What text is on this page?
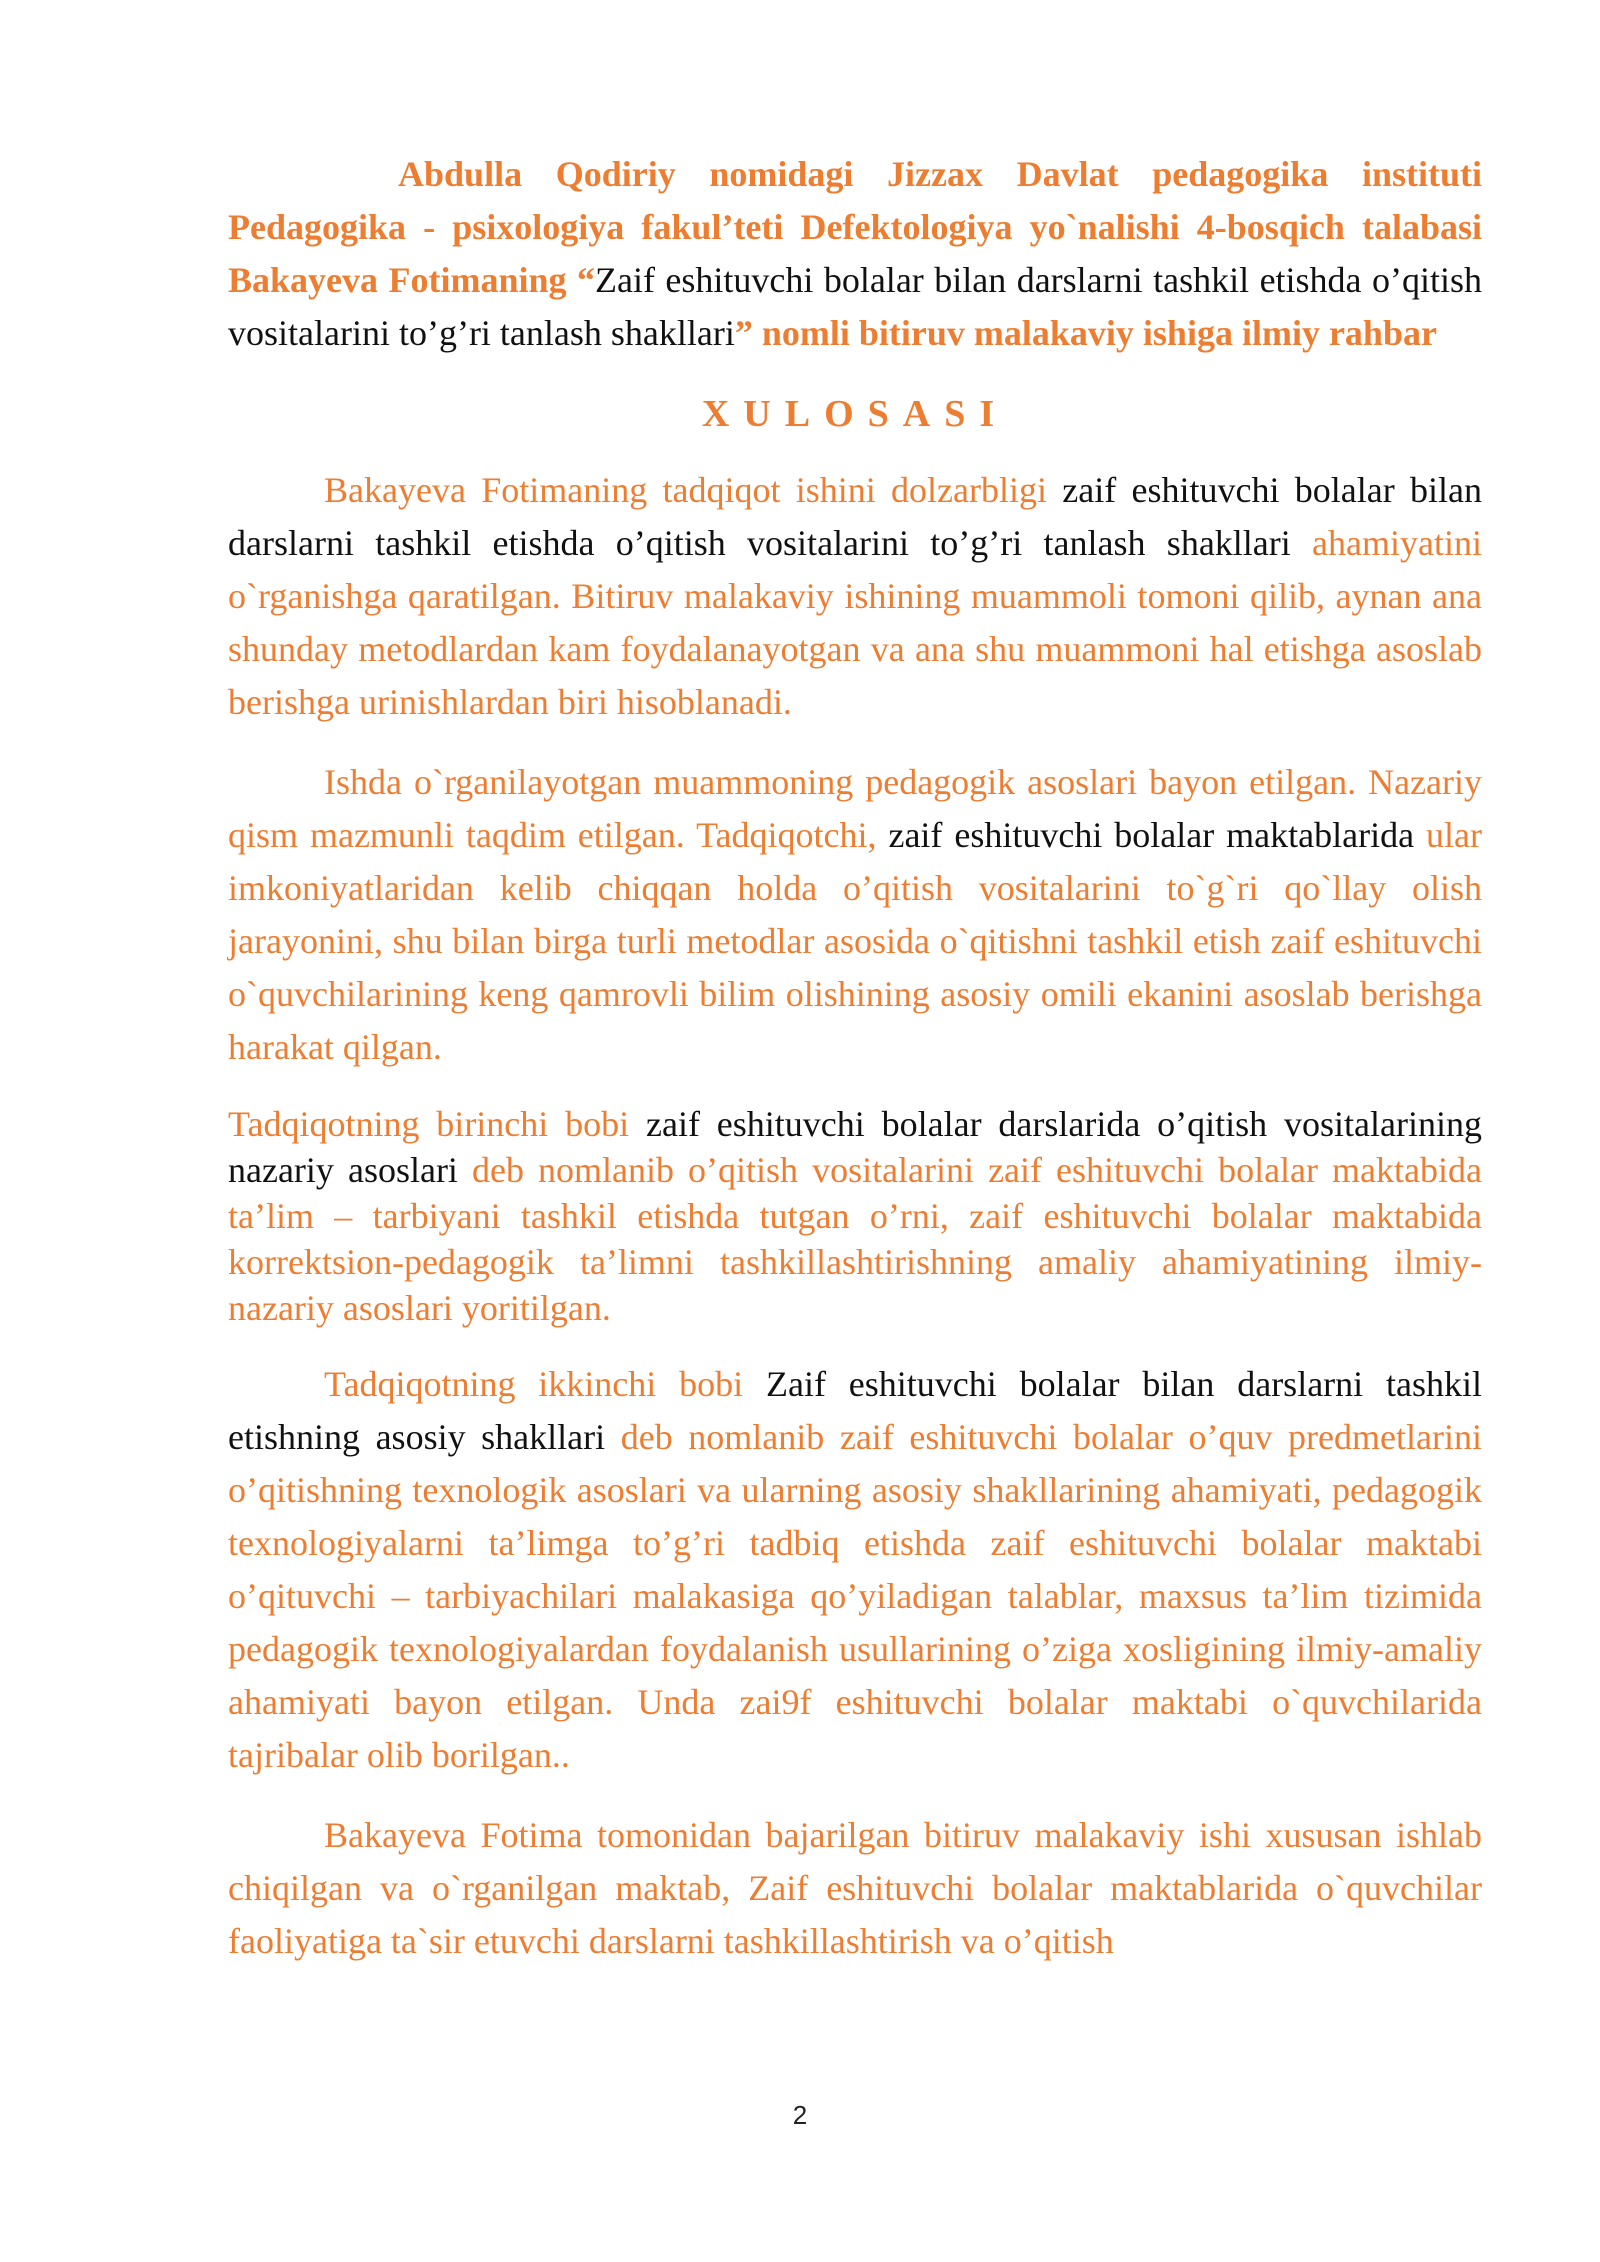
Abdulla Qodiriy nomidagi Jizzax Davlat pedagogika instituti Pedagogika - psixologiya fakul’teti Defektologiya yo`nalishi 4-bosqich talabasi Bakayeva Fotimaning “Zaif eshituvchi bolalar bilan darslarni tashkil etishda o’qitish vositalarini to’g’ri tanlash shakllari” nomli bitiruv malakaviy ishiga ilmiy rahbar

XULOSASI

Bakayeva Fotimaning tadqiqot ishini dolzarbligi zaif eshituvchi bolalar bilan darslarni tashkil etishda o’qitish vositalarini to’g’ri tanlash shakllari ahamiyatini o`rganishga qaratilgan. Bitiruv malakaviy ishining muammoli tomoni qilib, aynan ana shunday metodlardan kam foydalanayotgan va ana shu muammoni hal etishga asoslab berishga urinishlardan biri hisoblanadi.

Ishda o`rganilayotgan muammoning pedagogik asoslari bayon etilgan. Nazariy qism mazmunli taqdim etilgan. Tadqiqotchi, zaif eshituvchi bolalar maktablarida ular imkoniyatlaridan kelib chiqqan holda o’qitish vositalarini to`g`ri qo`llay olish jarayonini, shu bilan birga turli metodlar asosida o`qitishni tashkil etish zaif eshituvchi o`quvchilarining keng qamrovli bilim olishining asosiy omili ekanini asoslab berishga harakat qilgan.

Tadqiqotning birinchi bobi zaif eshituvchi bolalar darslarida o’qitish vositalarining nazariy asoslari deb nomlanib o’qitish vositalarini zaif eshituvchi bolalar maktabida ta’lim – tarbiyani tashkil etishda tutgan o’rni, zaif eshituvchi bolalar maktabida korrektsion-pedagogik ta’limni tashkillashtirishning amaliy ahamiyatining ilmiy-nazariy asoslari yoritilgan.

Tadqiqotning ikkinchi bobi Zaif eshituvchi bolalar bilan darslarni tashkil etishning asosiy shakllari deb nomlanib zaif eshituvchi bolalar o’quv predmetlarini o’qitishning texnologik asoslari va ularning asosiy shakllarining ahamiyati, pedagogik texnologiyalarni ta’limga to’g’ri tadbiq etishda zaif eshituvchi bolalar maktabi o’qituvchi – tarbiyachilari malakasiga qo’yiladigan talablar, maxsus ta’lim tizimida pedagogik texnologiyalardan foydalanish usullarining o’ziga xosligining ilmiy-amaliy ahamiyati bayon etilgan. Unda zai9f eshituvchi bolalar maktabi o`quvchilarida tajribalar olib borilgan..

Bakayeva Fotima tomonidan bajarilgan bitiruv malakaviy ishi xususan ishlab chiqilgan va o`rganilgan maktab, Zaif eshituvchi bolalar maktablarida o`quvchilar faoliyatiga ta`sir etuvchi darslarni tashkillashtirish va o’qitish

2
